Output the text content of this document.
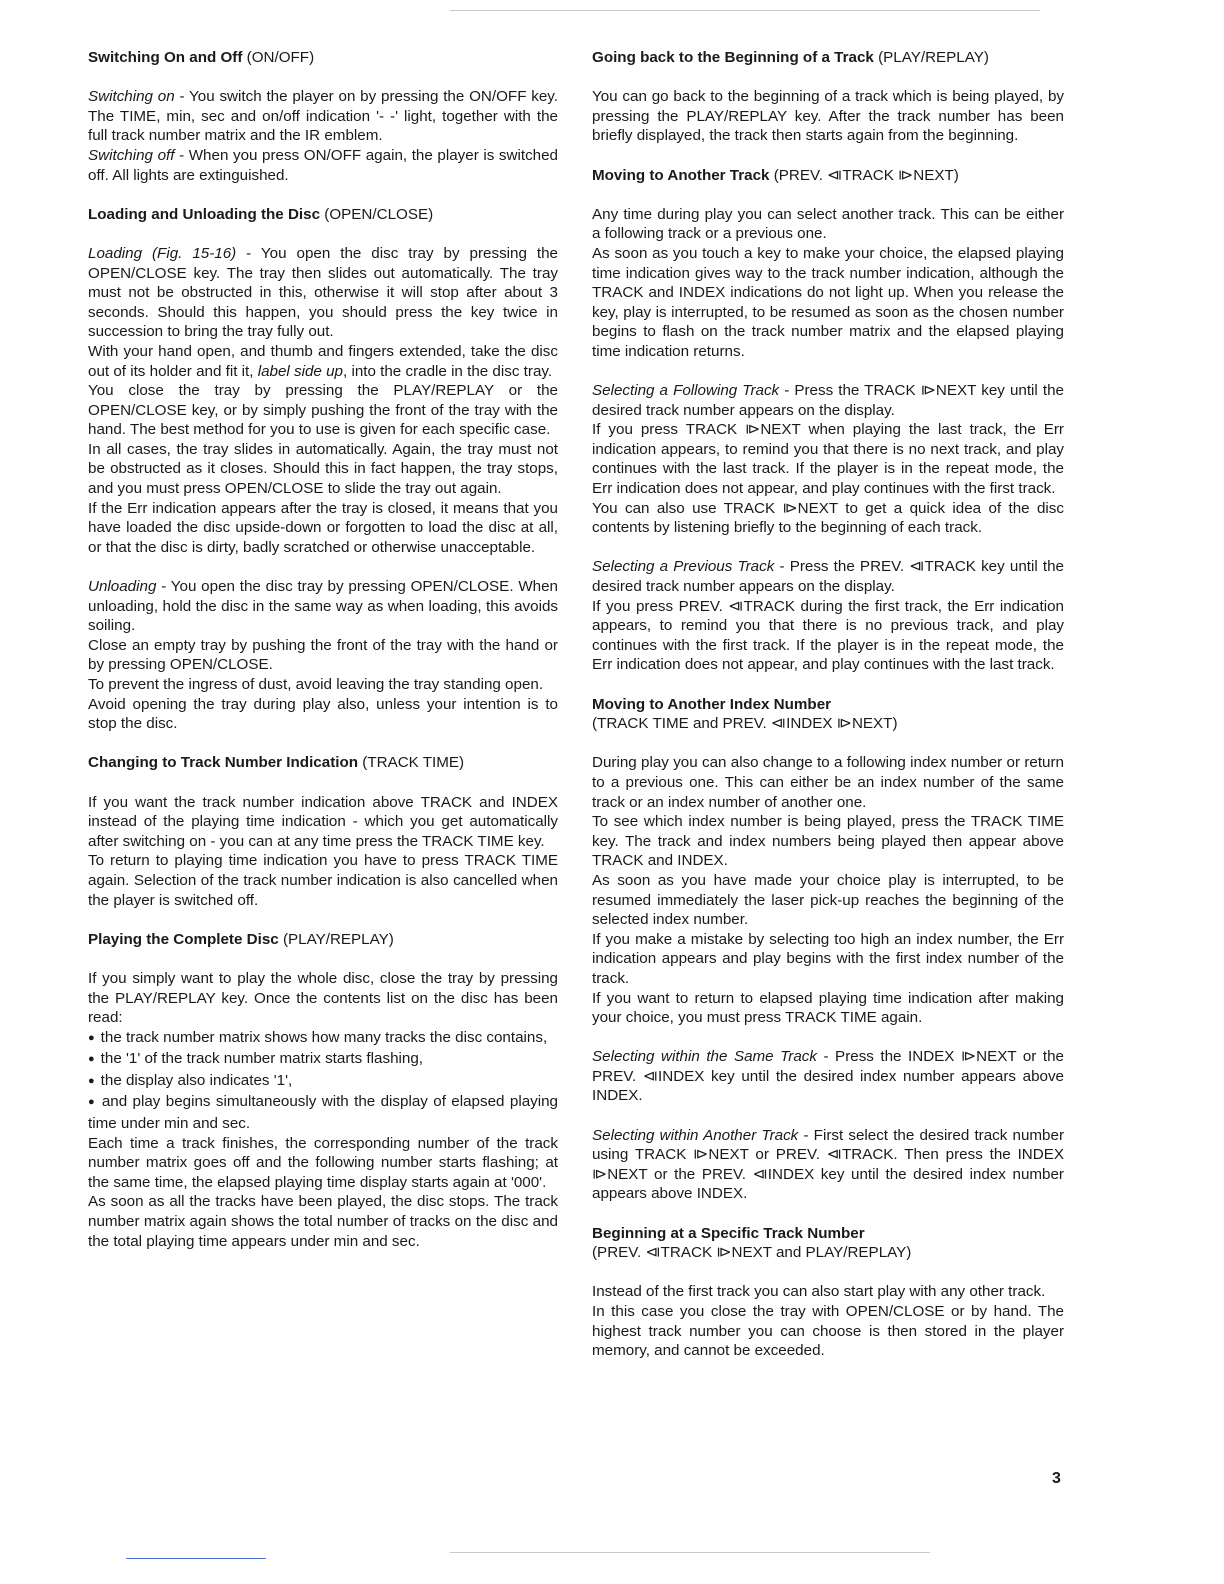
Switching On and Off (ON/OFF)

Switching on - You switch the player on by pressing the ON/OFF key. The TIME, min, sec and on/off indication '- -' light, together with the full track number matrix and the IR emblem.

Switching off - When you press ON/OFF again, the player is switched off. All lights are extinguished.

Loading and Unloading the Disc (OPEN/CLOSE)

Loading (Fig. 15-16) - You open the disc tray by pressing the OPEN/CLOSE key. The tray then slides out automatically. The tray must not be obstructed in this, otherwise it will stop after about 3 seconds. Should this happen, you should press the key twice in succession to bring the tray fully out.

With your hand open, and thumb and fingers extended, take the disc out of its holder and fit it, label side up, into the cradle in the disc tray.

You close the tray by pressing the PLAY/REPLAY or the OPEN/CLOSE key, or by simply pushing the front of the tray with the hand. The best method for you to use is given for each specific case.

In all cases, the tray slides in automatically. Again, the tray must not be obstructed as it closes. Should this in fact happen, the tray stops, and you must press OPEN/CLOSE to slide the tray out again.

If the Err indication appears after the tray is closed, it means that you have loaded the disc upside-down or forgotten to load the disc at all, or that the disc is dirty, badly scratched or otherwise unacceptable.

Unloading - You open the disc tray by pressing OPEN/CLOSE. When unloading, hold the disc in the same way as when loading, this avoids soiling.

Close an empty tray by pushing the front of the tray with the hand or by pressing OPEN/CLOSE.

To prevent the ingress of dust, avoid leaving the tray standing open.

Avoid opening the tray during play also, unless your intention is to stop the disc.

Changing to Track Number Indication (TRACK TIME)

If you want the track number indication above TRACK and INDEX instead of the playing time indication - which you get automatically after switching on - you can at any time press the TRACK TIME key.

To return to playing time indication you have to press TRACK TIME again. Selection of the track number indication is also cancelled when the player is switched off.

Playing the Complete Disc (PLAY/REPLAY)

If you simply want to play the whole disc, close the tray by pressing the PLAY/REPLAY key. Once the contents list on the disc has been read:

● the track number matrix shows how many tracks the disc contains,

● the '1' of the track number matrix starts flashing,

● the display also indicates '1',

● and play begins simultaneously with the display of elapsed playing time under min and sec.

Each time a track finishes, the corresponding number of the track number matrix goes off and the following number starts flashing; at the same time, the elapsed playing time display starts again at '000'.

As soon as all the tracks have been played, the disc stops. The track number matrix again shows the total number of tracks on the disc and the total playing time appears under min and sec.

Going back to the Beginning of a Track (PLAY/REPLAY)

You can go back to the beginning of a track which is being played, by pressing the PLAY/REPLAY key. After the track number has been briefly displayed, the track then starts again from the beginning.

Moving to Another Track (PREV. ⧏TRACK ⧐NEXT)

Any time during play you can select another track. This can be either a following track or a previous one.

As soon as you touch a key to make your choice, the elapsed playing time indication gives way to the track number indication, although the TRACK and INDEX indications do not light up. When you release the key, play is interrupted, to be resumed as soon as the chosen number begins to flash on the track number matrix and the elapsed playing time indication returns.

Selecting a Following Track - Press the TRACK ⧐NEXT key until the desired track number appears on the display.

If you press TRACK ⧐NEXT when playing the last track, the Err indication appears, to remind you that there is no next track, and play continues with the last track. If the player is in the repeat mode, the Err indication does not appear, and play continues with the first track.

You can also use TRACK ⧐NEXT to get a quick idea of the disc contents by listening briefly to the beginning of each track.

Selecting a Previous Track - Press the PREV. ⧏TRACK key until the desired track number appears on the display.

If you press PREV. ⧏TRACK during the first track, the Err indication appears, to remind you that there is no previous track, and play continues with the first track. If the player is in the repeat mode, the Err indication does not appear, and play continues with the last track.

Moving to Another Index Number
(TRACK TIME and PREV. ⧏INDEX ⧐NEXT)

During play you can also change to a following index number or return to a previous one. This can either be an index number of the same track or an index number of another one.

To see which index number is being played, press the TRACK TIME key. The track and index numbers being played then appear above TRACK and INDEX.

As soon as you have made your choice play is interrupted, to be resumed immediately the laser pick-up reaches the beginning of the selected index number.

If you make a mistake by selecting too high an index number, the Err indication appears and play begins with the first index number of the track.

If you want to return to elapsed playing time indication after making your choice, you must press TRACK TIME again.

Selecting within the Same Track - Press the INDEX ⧐NEXT or the PREV. ⧏INDEX key until the desired index number appears above INDEX.

Selecting within Another Track - First select the desired track number using TRACK ⧐NEXT or PREV. ⧏TRACK. Then press the INDEX ⧐NEXT or the PREV. ⧏INDEX key until the desired index number appears above INDEX.

Beginning at a Specific Track Number
(PREV. ⧏TRACK ⧐NEXT and PLAY/REPLAY)

Instead of the first track you can also start play with any other track.

In this case you close the tray with OPEN/CLOSE or by hand. The highest track number you can choose is then stored in the player memory, and cannot be exceeded.

3
